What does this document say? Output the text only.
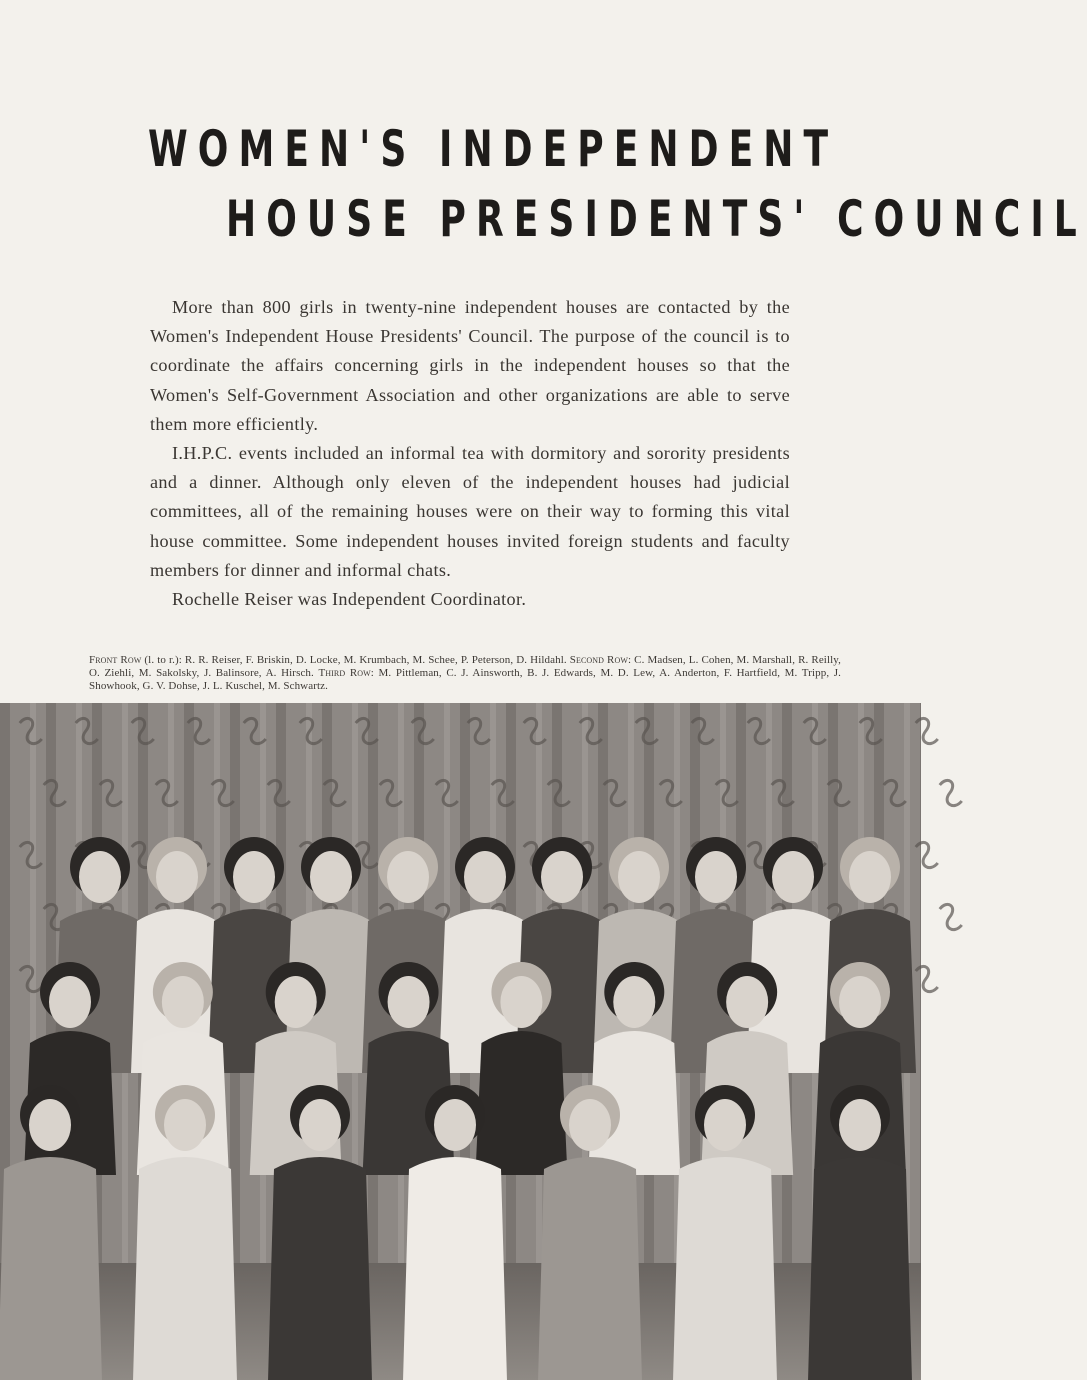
WOMEN'S INDEPENDENT
HOUSE PRESIDENTS' COUNCIL

More than 800 girls in twenty-nine independent houses are contacted by the Women's Independent House Presidents' Council. The purpose of the council is to coordinate the affairs concerning girls in the independent houses so that the Women's Self-Government Association and other organizations are able to serve them more efficiently.

I.H.P.C. events included an informal tea with dormitory and sorority presidents and a dinner. Although only eleven of the independent houses had judicial committees, all of the remaining houses were on their way to forming this vital house committee. Some independent houses invited foreign students and faculty members for dinner and informal chats.

Rochelle Reiser was Independent Coordinator.

Front Row (l. to r.): R. R. Reiser, F. Briskin, D. Locke, M. Krumbach, M. Schee, P. Peterson, D. Hildahl. Second Row: C. Madsen, L. Cohen, M. Marshall, R. Reilly, O. Ziehli, M. Sakolsky, J. Balinsore, A. Hirsch. Third Row: M. Pittleman, C. J. Ainsworth, B. J. Edwards, M. D. Lew, A. Anderton, F. Hartfield, M. Tripp, J. Showhook, G. V. Dohse, J. L. Kuschel, M. Schwartz.
